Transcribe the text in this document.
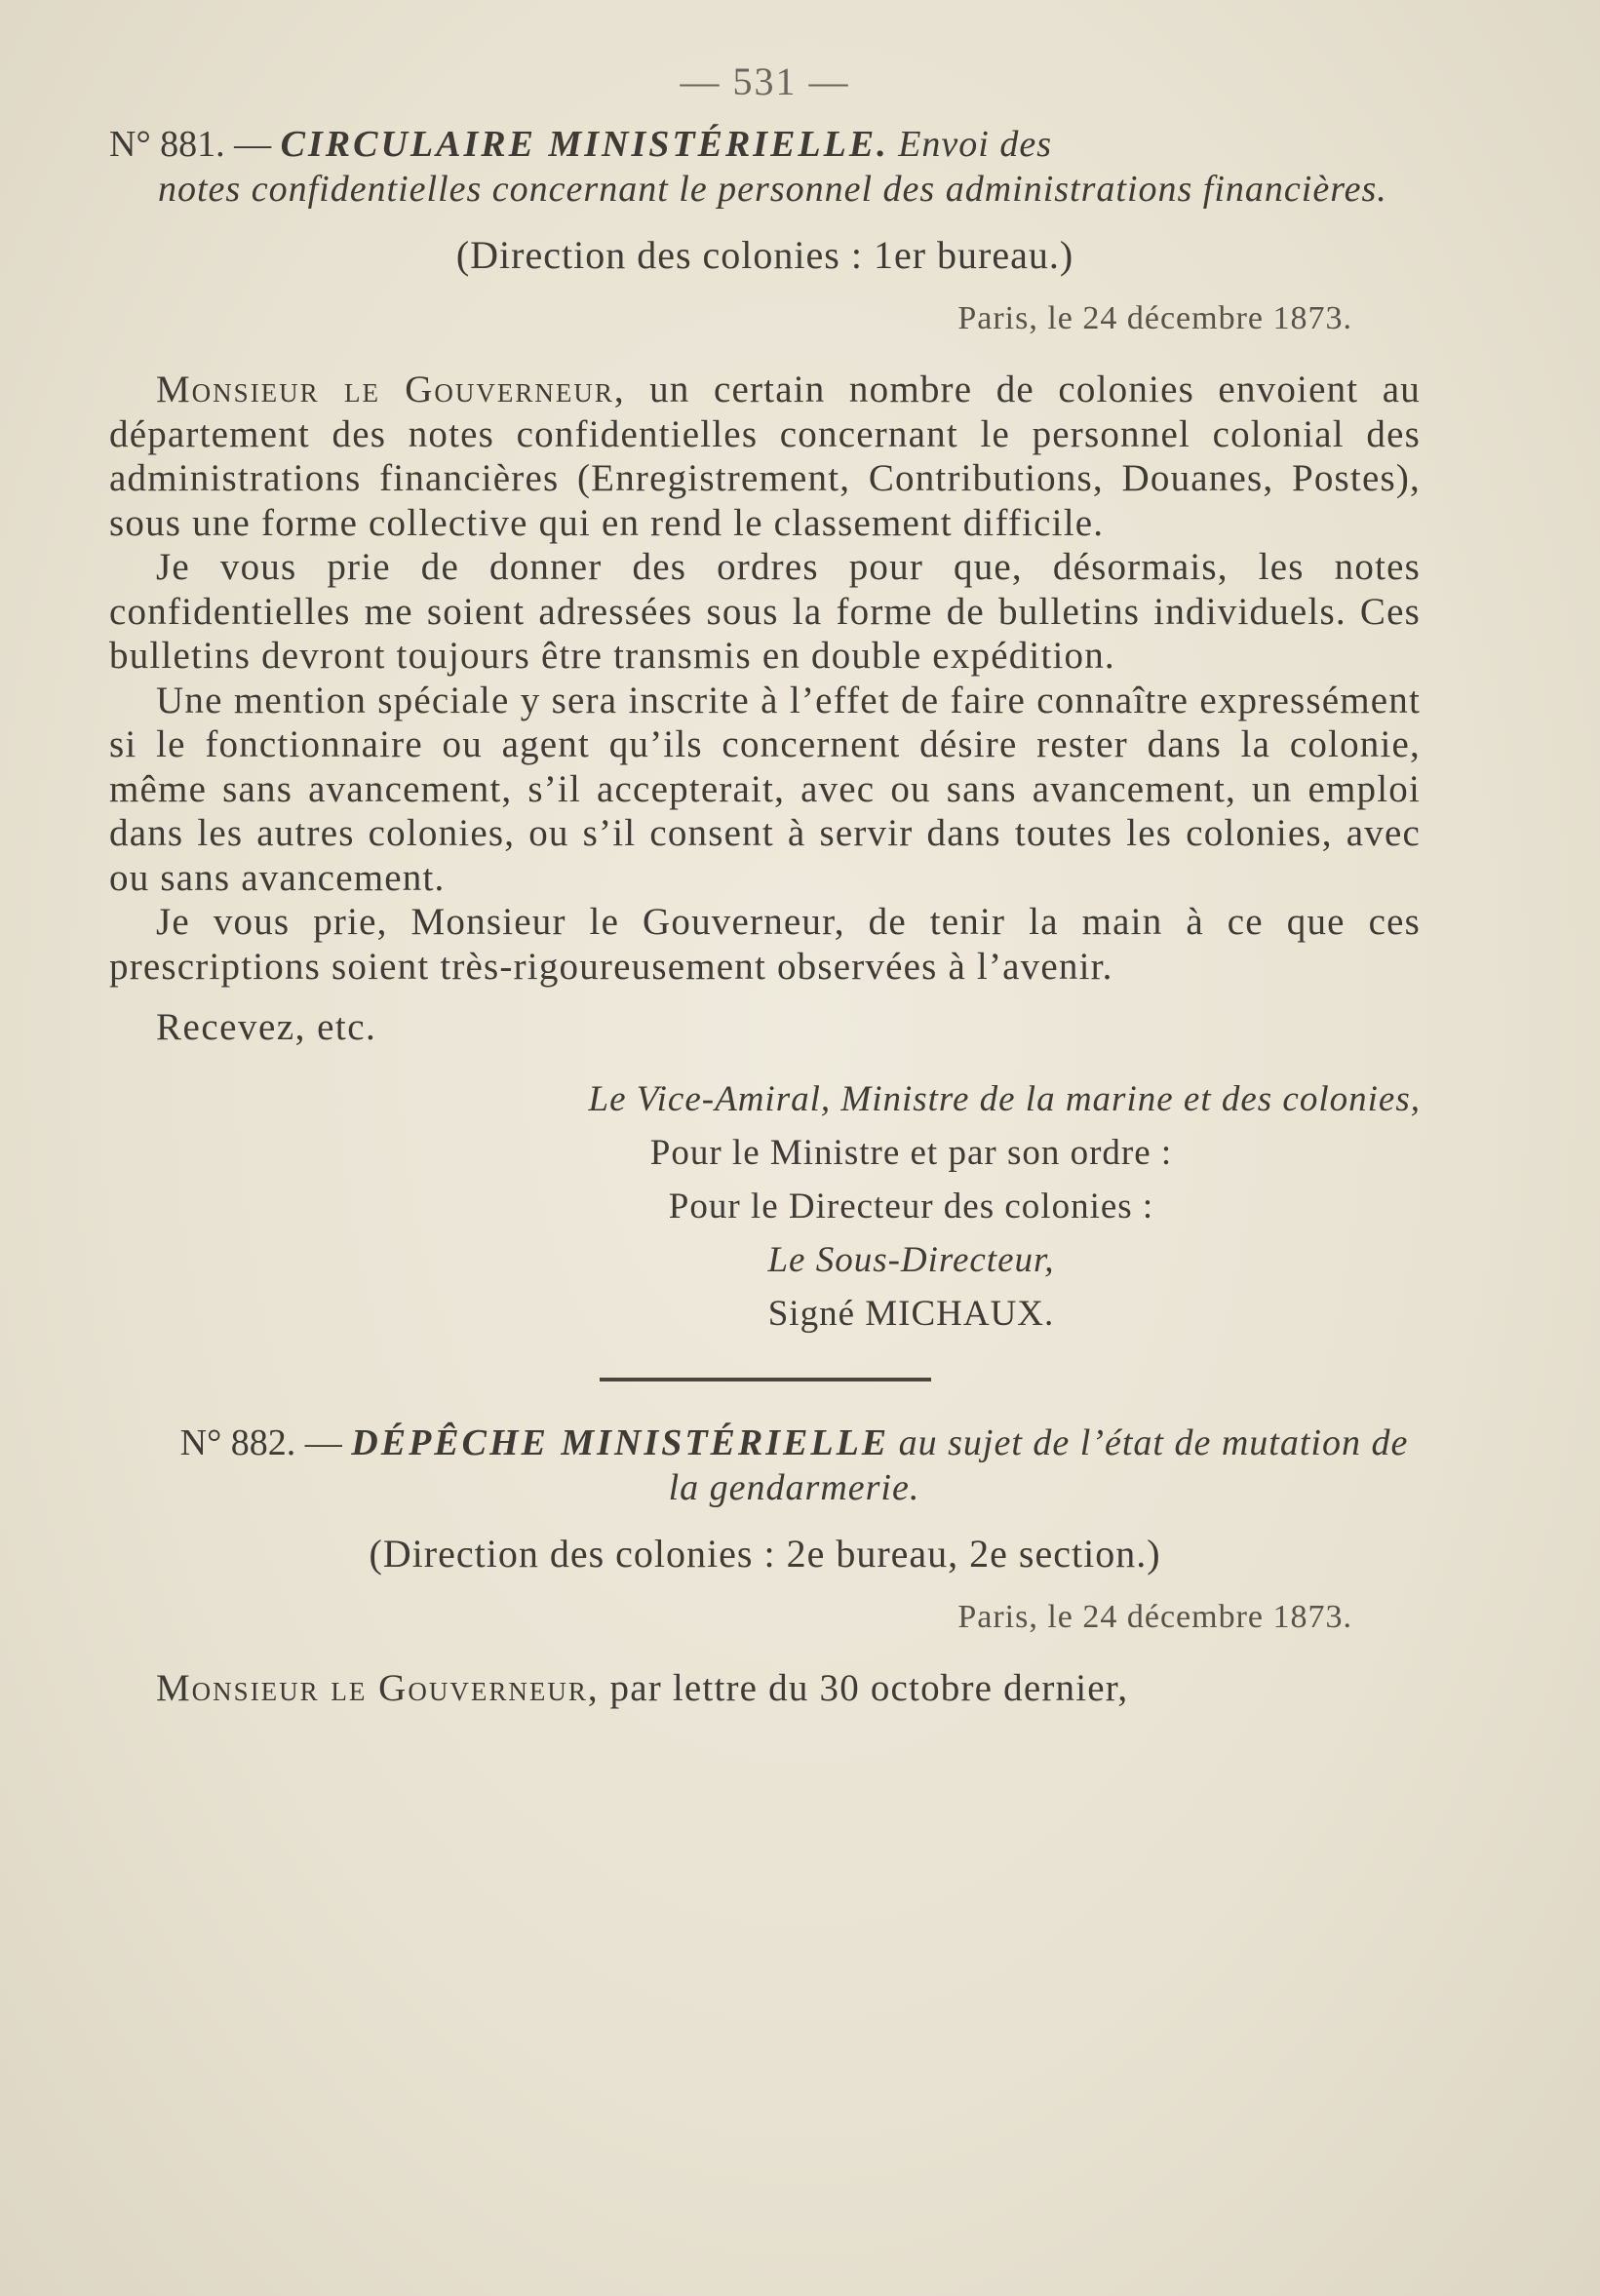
— 531 —

N° 881. — CIRCULAIRE MINISTÉRIELLE. Envoi des
notes confidentielles concernant le personnel des administrations financières.

(Direction des colonies : 1er bureau.)
Paris, le 24 décembre 1873.

Monsieur le Gouverneur, un certain nombre de colonies envoient au département des notes confidentielles concernant le personnel colonial des administrations financières (Enregistrement, Contributions, Douanes, Postes), sous une forme collective qui en rend le classement difficile.

Je vous prie de donner des ordres pour que, désormais, les notes confidentielles me soient adressées sous la forme de bulletins individuels. Ces bulletins devront toujours être transmis en double expédition.

Une mention spéciale y sera inscrite à l’effet de faire connaître expressément si le fonctionnaire ou agent qu’ils concernent désire rester dans la colonie, même sans avancement, s’il accepterait, avec ou sans avancement, un emploi dans les autres colonies, ou s’il consent à servir dans toutes les colonies, avec ou sans avancement.

Je vous prie, Monsieur le Gouverneur, de tenir la main à ce que ces prescriptions soient très-rigoureusement observées à l’avenir.

Recevez, etc.
Le Vice-Amiral, Ministre de la marine et des colonies,
Pour le Ministre et par son ordre :
Pour le Directeur des colonies :
Le Sous-Directeur,
Signé MICHAUX.

N° 882. — DÉPÊCHE MINISTÉRIELLE au sujet de l’état de mutation de la gendarmerie.

(Direction des colonies : 2e bureau, 2e section.)
Paris, le 24 décembre 1873.

Monsieur le Gouverneur, par lettre du 30 octobre dernier,
